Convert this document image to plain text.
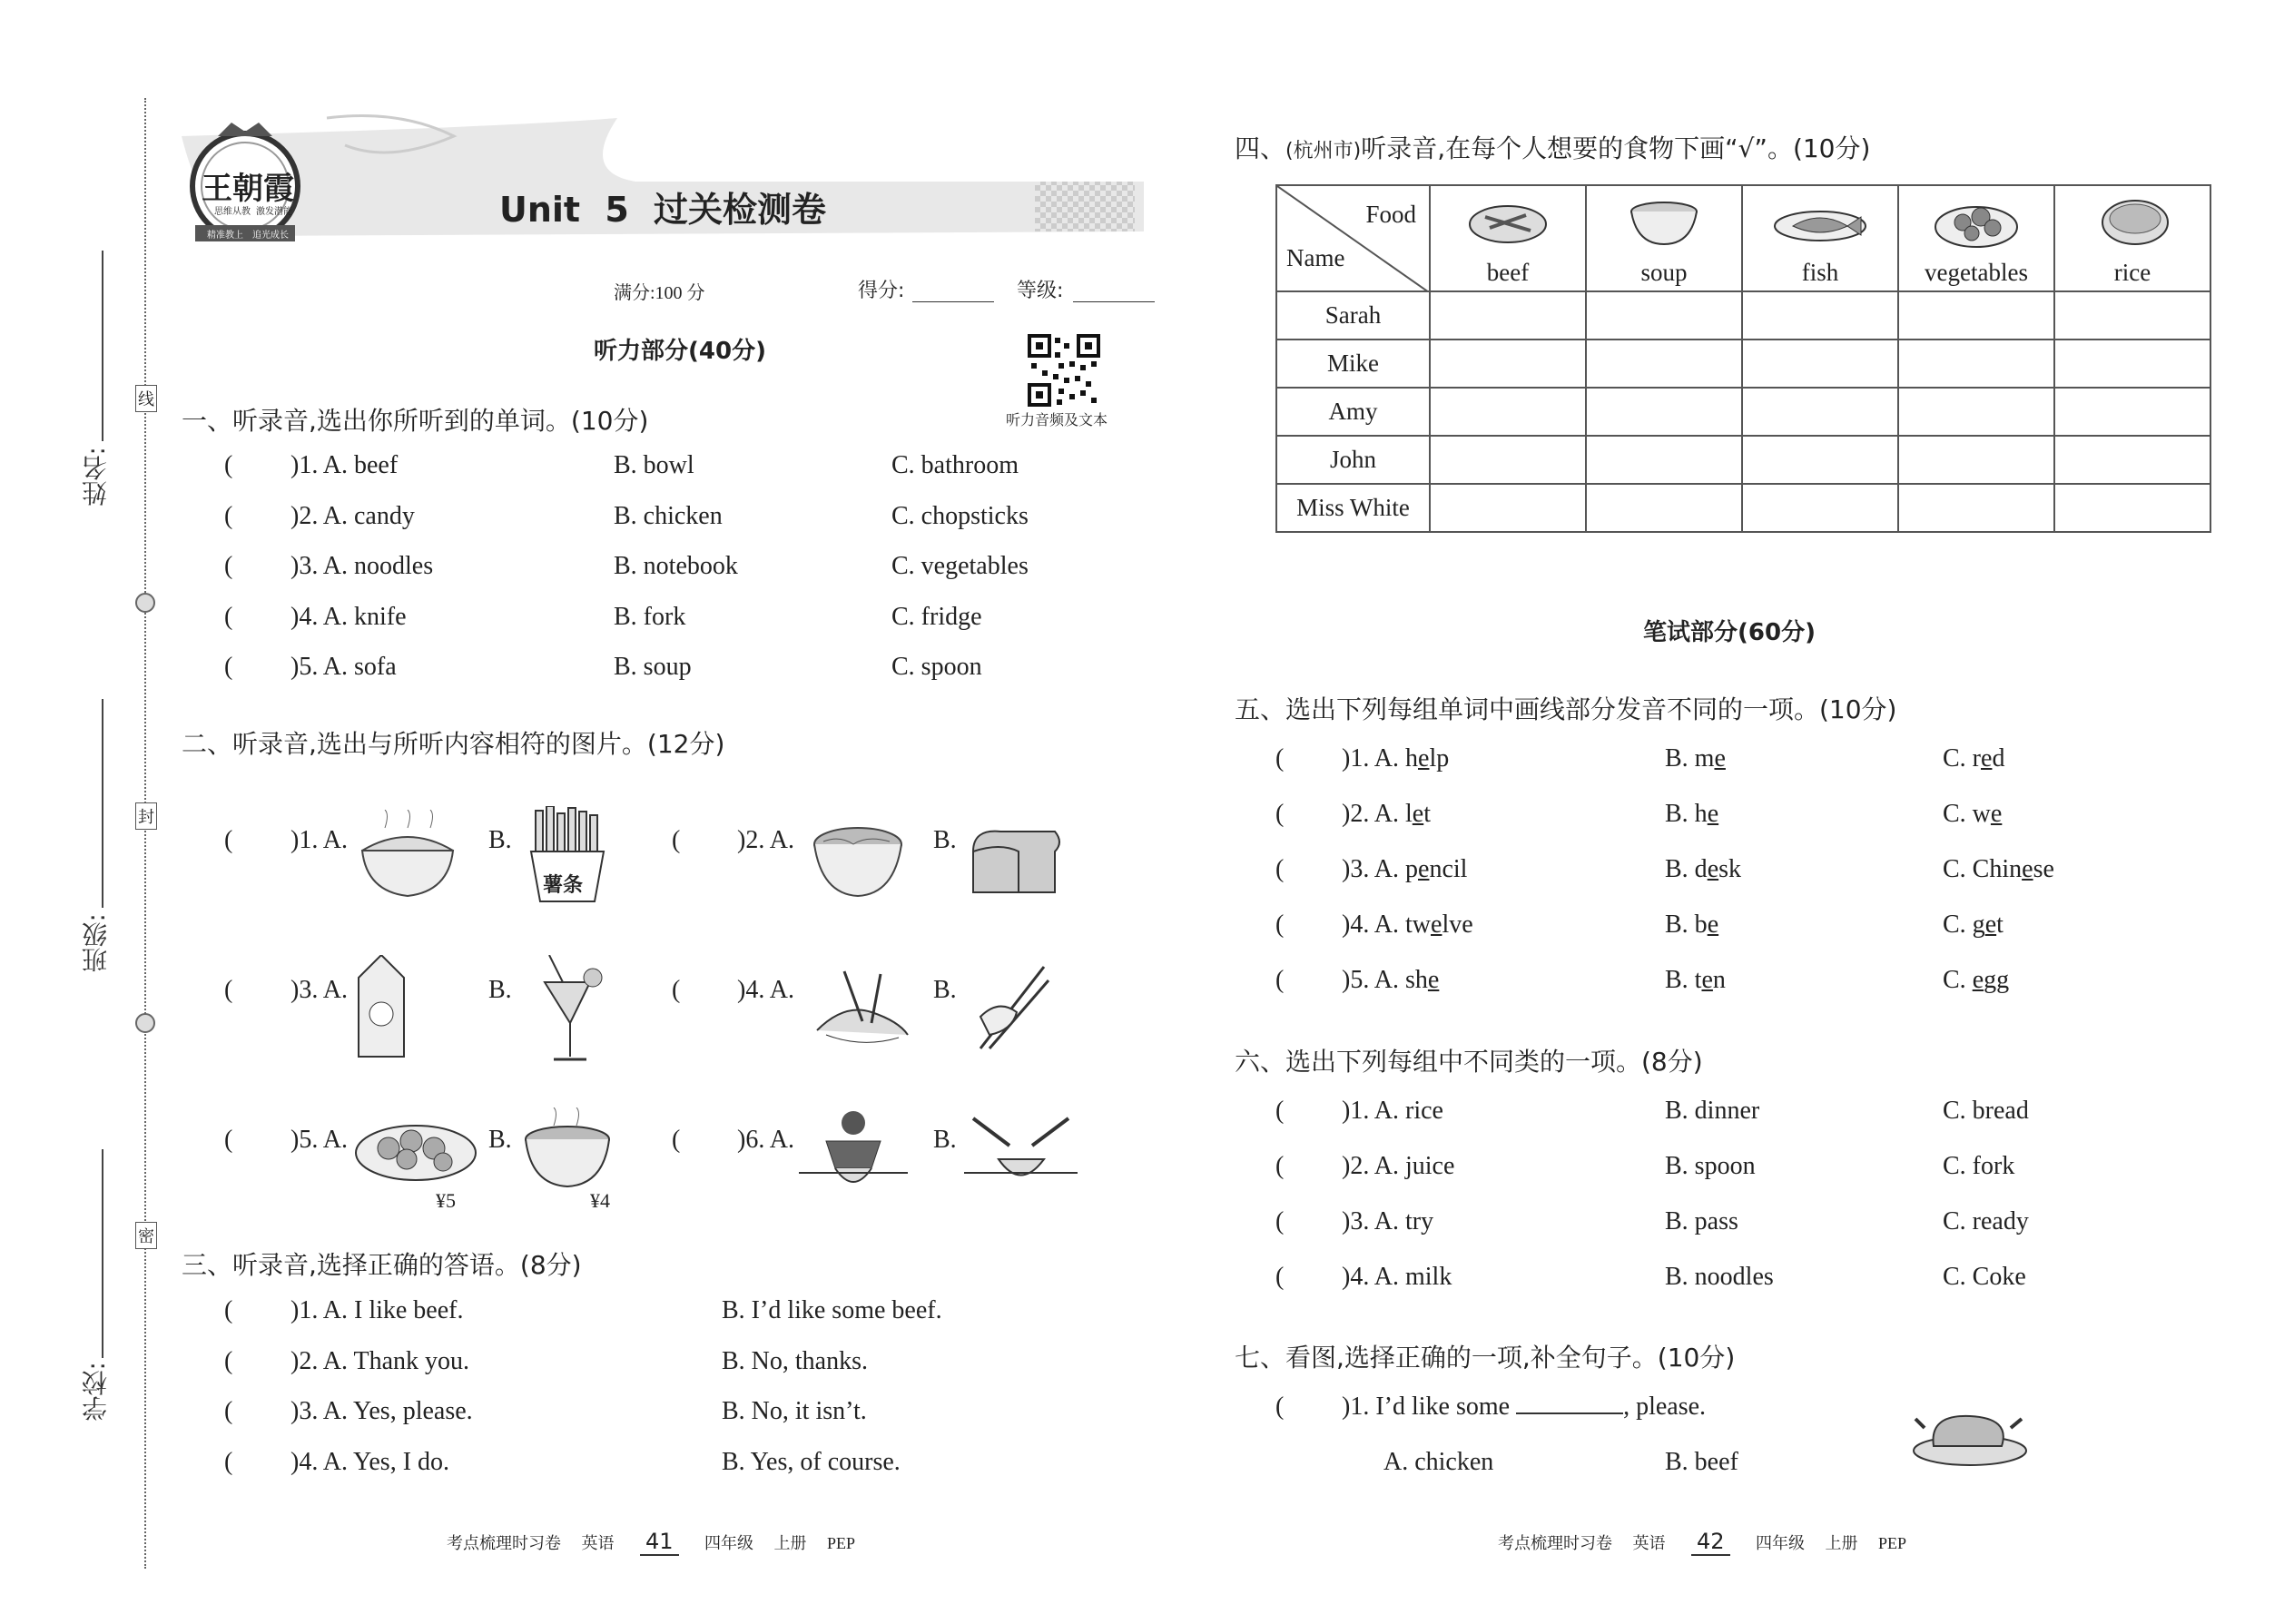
姓名:
班级:
学校:
线
封
密
王朝霞
思维从教 激发潜能
精准教上 追光成长
Unit 5 过关检测卷
满分:100 分	得分:	等级:
听力音频及文本
听力部分(40分)
一、听录音,选出你所听到的单词。(10分)
( )1. A. beef	B. bowl	C. bathroom
( )2. A. candy	B. chicken	C. chopsticks
( )3. A. noodles	B. notebook	C. vegetables
( )4. A. knife	B. fork	C. fridge
( )5. A. sofa	B. soup	C. spoon
二、听录音,选出与所听内容相符的图片。(12分)
( )1. A.	B.
薯条
( )2. A.	B.
( )3. A.	B.	( )4. A.	B.
( )5. A.
¥5
B.
¥4
( )6. A.	B.
三、听录音,选择正确的答语。(8分)
( )1. A. I like beef.	B. I’d like some beef.
( )2. A. Thank you.	B. No, thanks.
( )3. A. Yes, please.	B. No, it isn’t.
( )4. A. Yes, I do.	B. Yes, of course.
考点梳理时习卷 英语 41 四年级 上册 PEP
四、(杭州市)听录音,在每个人想要的食物下画“√”。(10分)
Food
Name	beef	soup	fish	vegetables	rice

Sarah					
Mike					
Amy					
John					
Miss White					
笔试部分(60分)
五、选出下列每组单词中画线部分发音不同的一项。(10分)
( )1. A. help	B. me	C. red
( )2. A. let	B. he	C. we
( )3. A. pencil	B. desk	C. Chinese
( )4. A. twelve	B. be	C. get
( )5. A. she	B. ten	C. egg
六、选出下列每组中不同类的一项。(8分)
( )1. A. rice	B. dinner	C. bread
( )2. A. juice	B. spoon	C. fork
( )3. A. try	B. pass	C. ready
( )4. A. milk	B. noodles	C. Coke
七、看图,选择正确的一项,补全句子。(10分)
( )1. I’d like some	, please.
A. chicken	B. beef
考点梳理时习卷 英语 42 四年级 上册 PEP
